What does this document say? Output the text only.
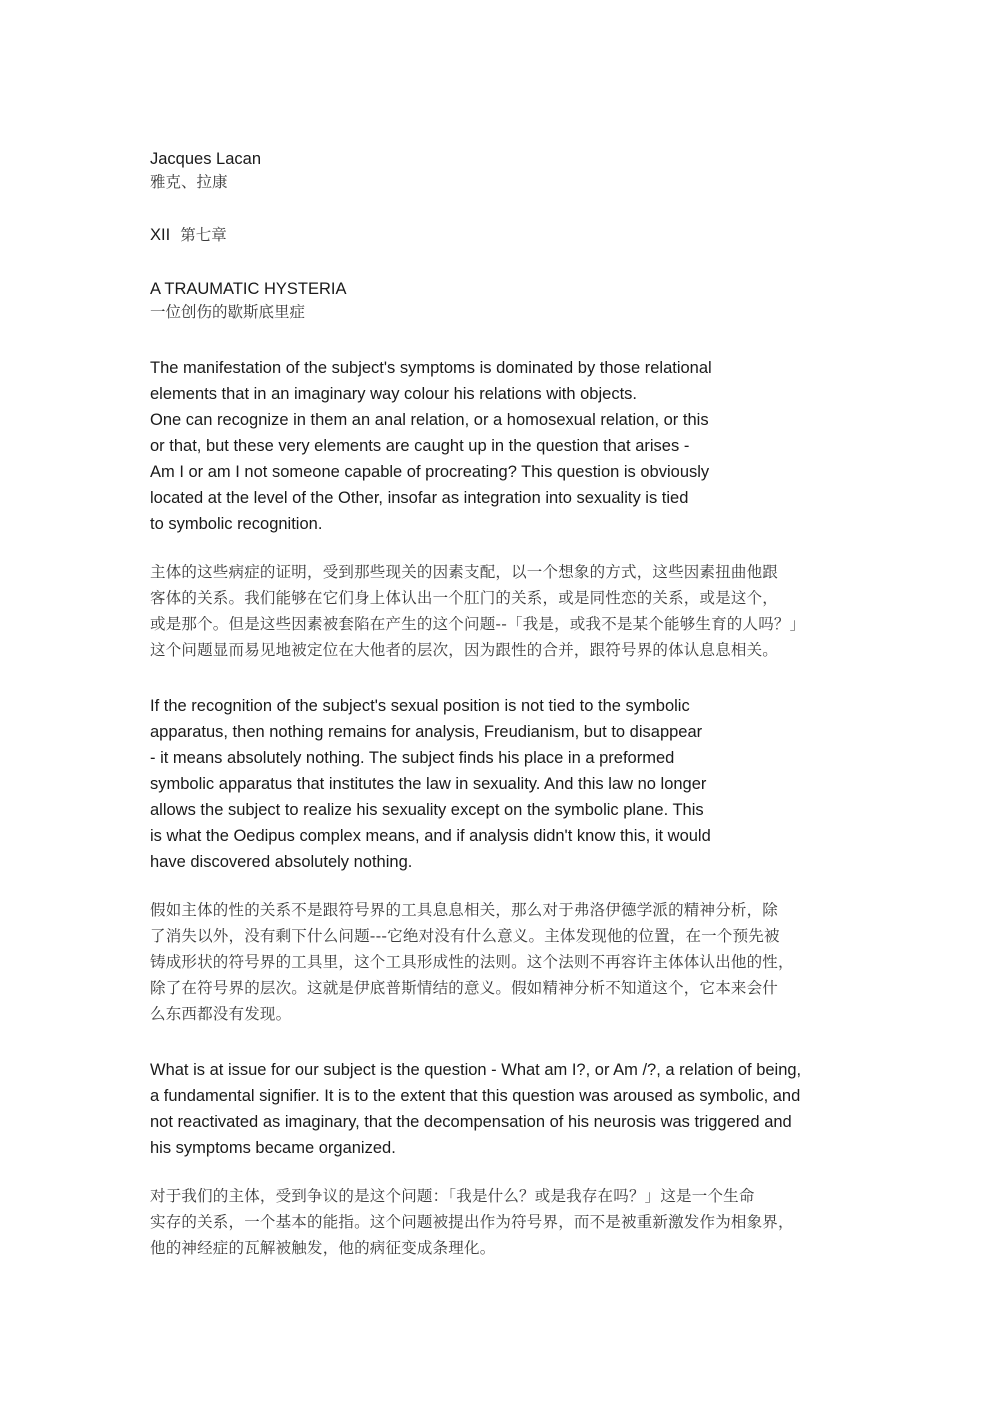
Jacques Lacan
雅克、拉康
XII 第七章
A TRAUMATIC HYSTERIA
一位创伤的歇斯底里症
The manifestation of the subject's symptoms is dominated by those relational
elements that in an imaginary way colour his relations with objects.
One can recognize in them an anal relation, or a homosexual relation, or this
or that, but these very elements are caught up in the question that arises -
Am I or am I not someone capable of procreating? This question is obviously
located at the level of the Other, insofar as integration into sexuality is tied
to symbolic recognition.
主体的这些病症的证明，受到那些现关的因素支配，以一个想象的方式，这些因素扭曲他跟
客体的关系。我们能够在它们身上体认出一个肛门的关系，或是同性恋的关系，或是这个，
或是那个。但是这些因素被套陷在产生的这个问题--「我是，或我不是某个能够生育的人吗？」
这个问题显而易见地被定位在大他者的层次，因为跟性的合并，跟符号界的体认息息相关。
If the recognition of the subject's sexual position is not tied to the symbolic
apparatus, then nothing remains for analysis, Freudianism, but to disappear
- it means absolutely nothing. The subject finds his place in a preformed
symbolic apparatus that institutes the law in sexuality. And this law no longer
allows the subject to realize his sexuality except on the symbolic plane. This
is what the Oedipus complex means, and if analysis didn't know this, it would
have discovered absolutely nothing.
假如主体的性的关系不是跟符号界的工具息息相关，那么对于弗洛伊德学派的精神分析，除
了消失以外，没有剩下什么问题---它绝对没有什么意义。主体发现他的位置，在一个预先被
铸成形状的符号界的工具里，这个工具形成性的法则。这个法则不再容许主体体认出他的性，
除了在符号界的层次。这就是伊底普斯情结的意义。假如精神分析不知道这个，它本来会什
么东西都没有发现。
What is at issue for our subject is the question - What am I?, or Am /?, a relation of being,
a fundamental signifier. It is to the extent that this question was aroused as symbolic, and
not reactivated as imaginary, that the decompensation of his neurosis was triggered and
his symptoms became organized.
对于我们的主体，受到争议的是这个问题：「我是什么？或是我存在吗？」这是一个生命
实存的关系，一个基本的能指。这个问题被提出作为符号界，而不是被重新激发作为相象界，
他的神经症的瓦解被触发，他的病征变成条理化。
